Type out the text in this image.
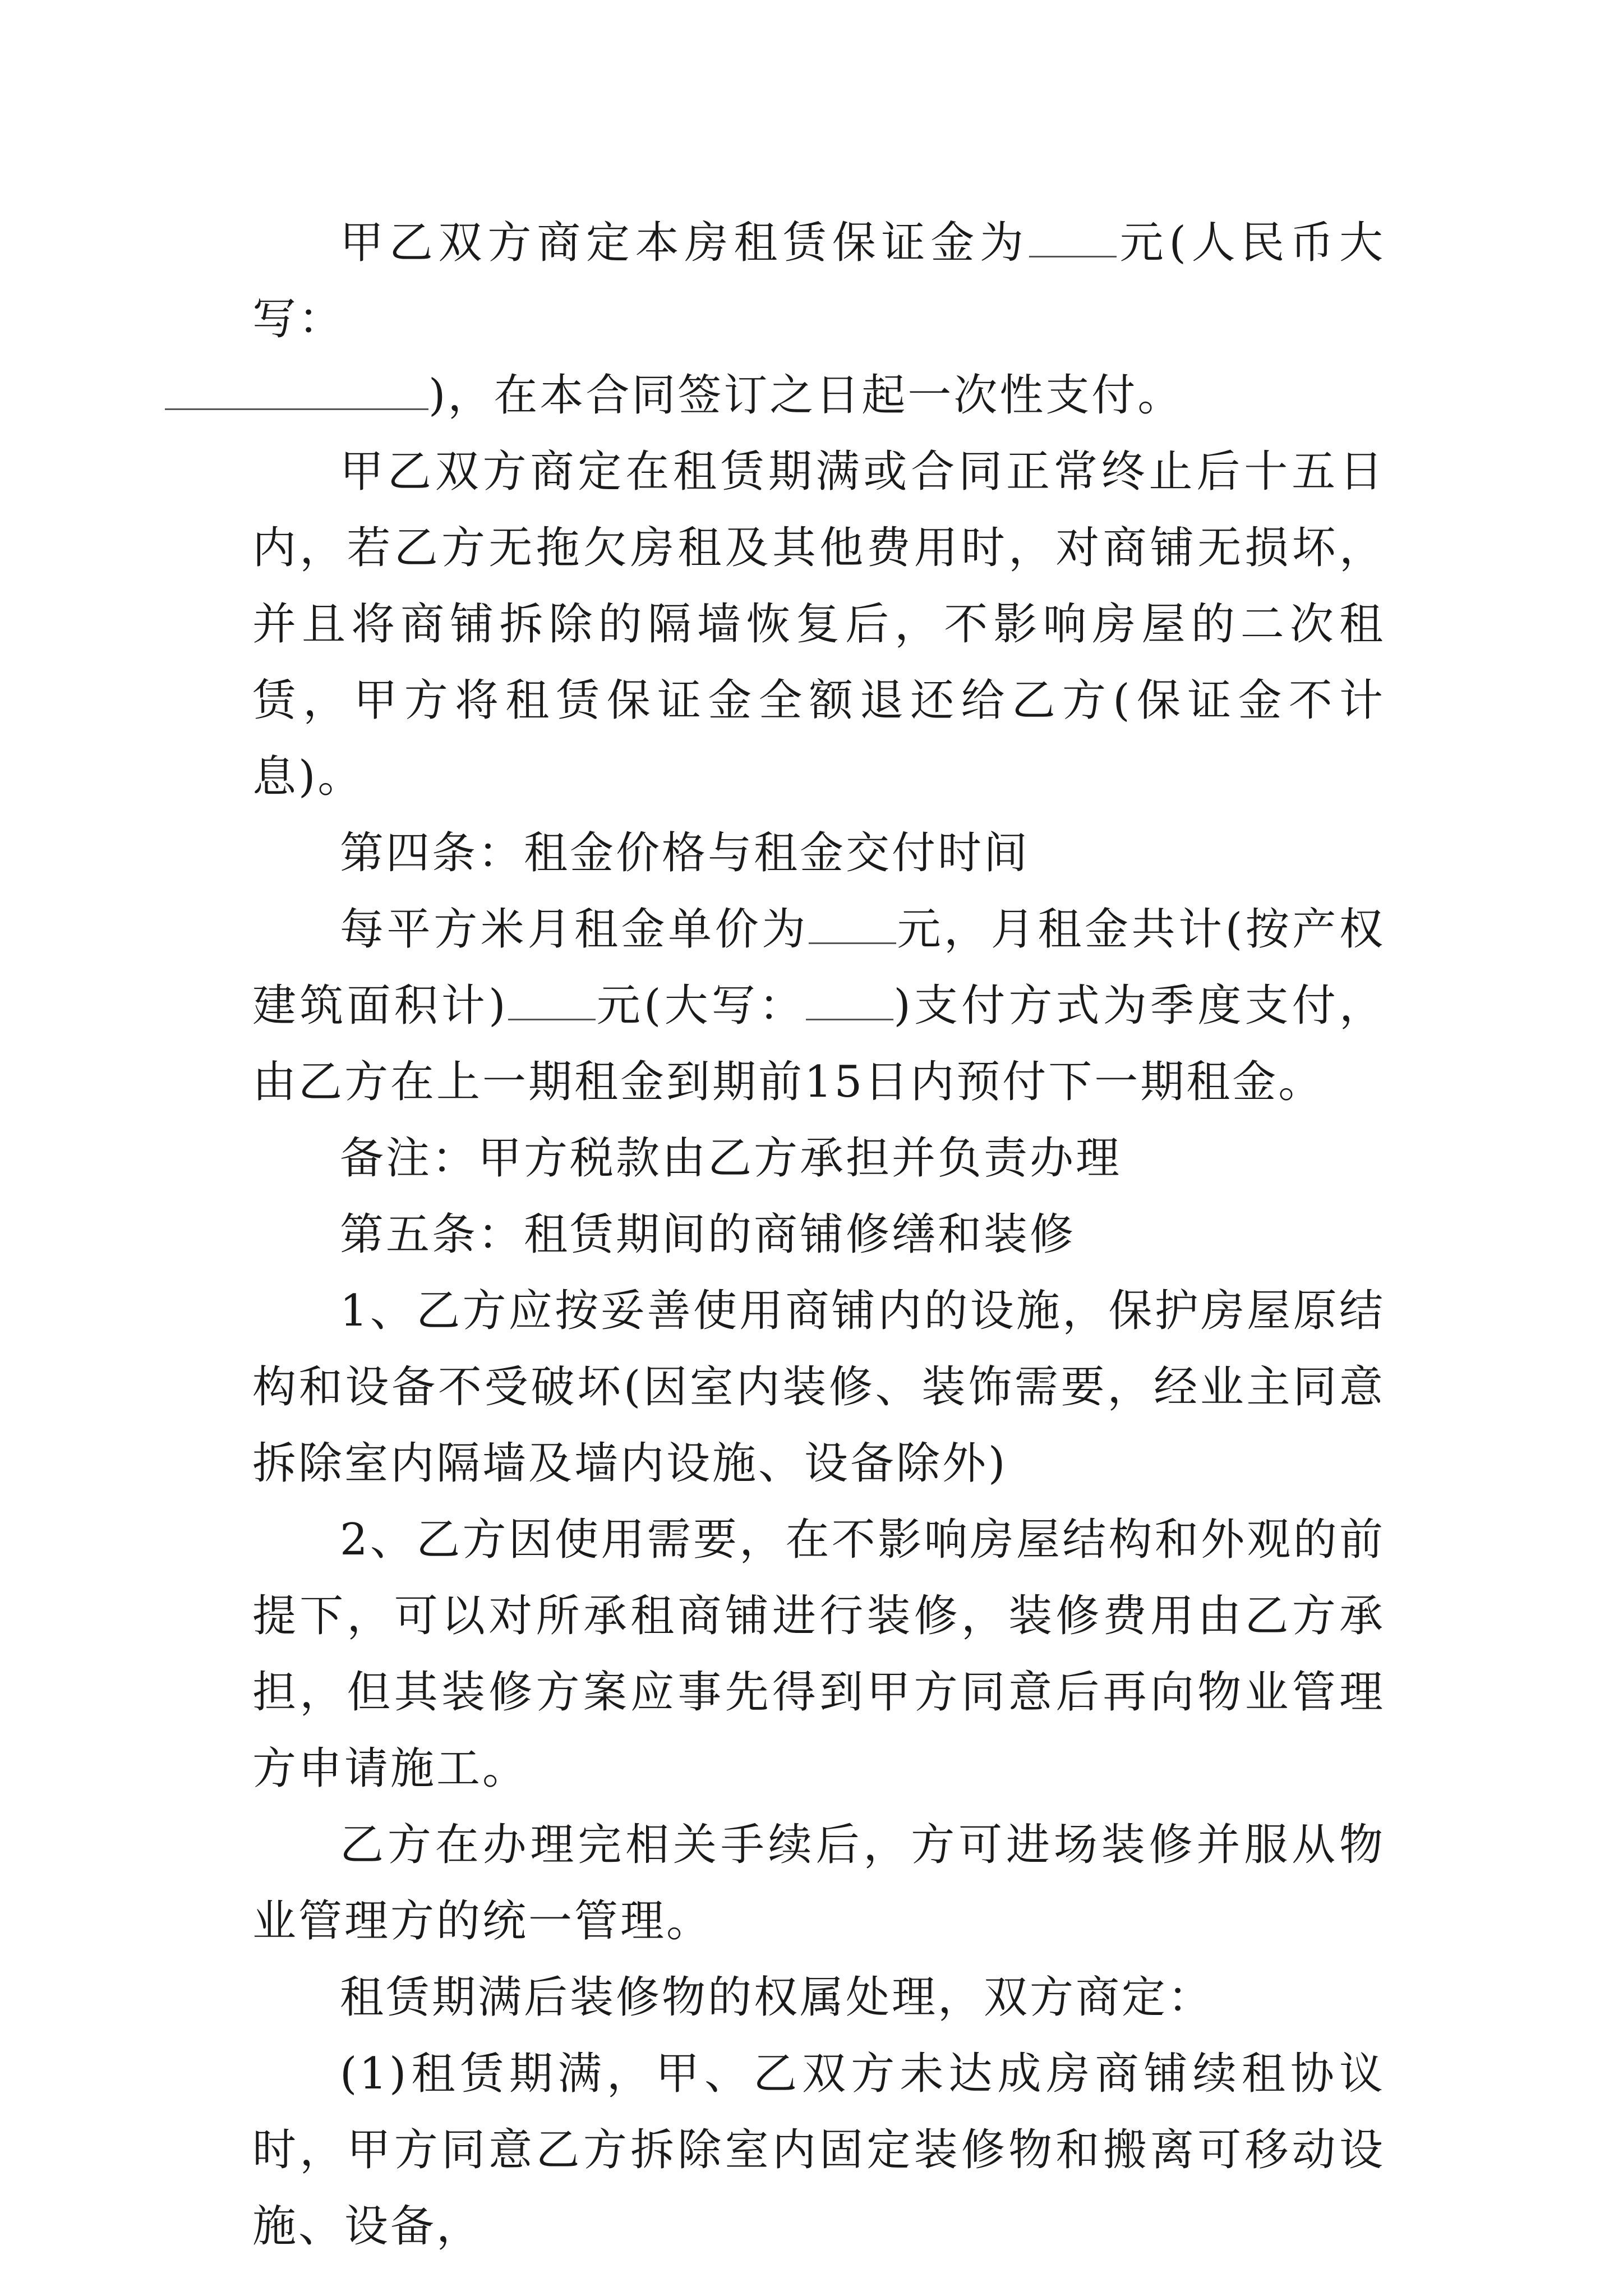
甲乙双方商定本房租赁保证金为 元(人民币大写：
)，在本合同签订之日起一次性支付。

甲乙双方商定在租赁期满或合同正常终止后十五日内，若乙方无拖欠房租及其他费用时，对商铺无损坏，并且将商铺拆除的隔墙恢复后，不影响房屋的二次租赁，甲方将租赁保证金全额退还给乙方(保证金不计息)。

第四条：租金价格与租金交付时间

每平方米月租金单价为 元，月租金共计(按产权建筑面积计) 元(大写： )支付方式为季度支付，由乙方在上一期租金到期前15日内预付下一期租金。

备注：甲方税款由乙方承担并负责办理

第五条：租赁期间的商铺修缮和装修

1、乙方应按妥善使用商铺内的设施，保护房屋原结构和设备不受破坏(因室内装修、装饰需要，经业主同意拆除室内隔墙及墙内设施、设备除外)

2、乙方因使用需要，在不影响房屋结构和外观的前提下，可以对所承租商铺进行装修，装修费用由乙方承担，但其装修方案应事先得到甲方同意后再向物业管理方申请施工。

乙方在办理完相关手续后，方可进场装修并服从物业管理方的统一管理。

租赁期满后装修物的权属处理，双方商定：

(1)租赁期满，甲、乙双方未达成房商铺续租协议时，甲方同意乙方拆除室内固定装修物和搬离可移动设施、设备，
